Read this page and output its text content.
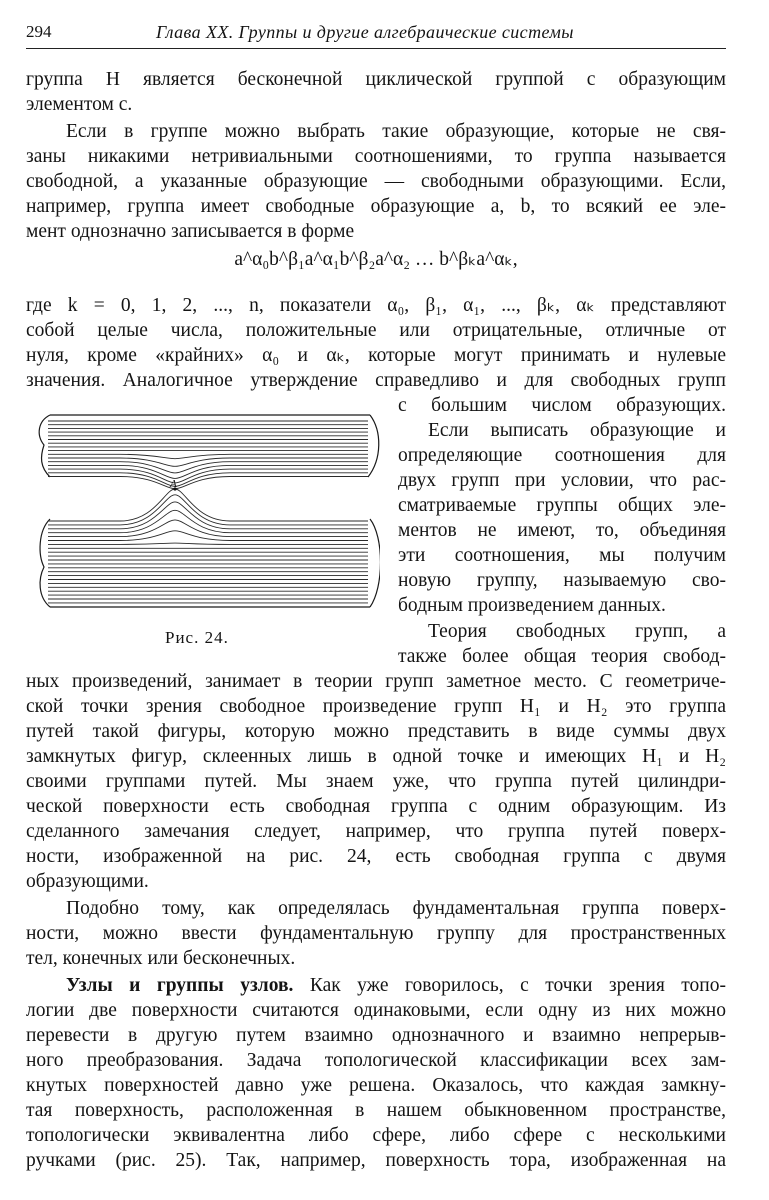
294	Глава XX. Группы и другие алгебраические системы
группа H является бесконечной циклической группой с образующим
элементом c.
Если в группе можно выбрать такие образующие, которые не свя-
заны никакими нетривиальными соотношениями, то группа называется
свободной, а указанные образующие — свободными образующими. Если,
например, группа имеет свободные образующие a, b, то всякий ее эле-
мент однозначно записывается в форме
a^α₀b^β₁a^α₁b^β₂a^α₂ … b^βₖa^αₖ,
где k = 0, 1, 2, ..., n, показатели α₀, β₁, α₁, ..., βₖ, αₖ представляют
собой целые числа, положительные или отрицательные, отличные от
нуля, кроме «крайних» α₀ и αₖ, которые могут принимать и нулевые
значения. Аналогичное утверждение справедливо и для свободных групп
с большим числом образующих.
Если выписать образующие и
определяющие соотношения для
двух групп при условии, что рас-
сматриваемые группы общих эле-
ментов не имеют, то, объединяя
эти соотношения, мы получим
новую группу, называемую сво-
бодным произведением данных.
Теория свободных групп, а
также более общая теория свобод-
ных произведений, занимает в теории групп заметное место. С геометриче-
ской точки зрения свободное произведение групп H₁ и H₂ это группа
путей такой фигуры, которую можно представить в виде суммы двух
замкнутых фигур, склеенных лишь в одной точке и имеющих H₁ и H₂
своими группами путей. Мы знаем уже, что группа путей цилиндри-
ческой поверхности есть свободная группа с одним образующим. Из
сделанного замечания следует, например, что группа путей поверх-
ности, изображенной на рис. 24, есть свободная группа с двумя
образующими.
Подобно тому, как определялась фундаментальная группа поверх-
ности, можно ввести фундаментальную группу для пространственных
тел, конечных или бесконечных.
Узлы и группы узлов. Как уже говорилось, с точки зрения топо-
логии две поверхности считаются одинаковыми, если одну из них можно
перевести в другую путем взаимно однозначного и взаимно непрерыв-
ного преобразования. Задача топологической классификации всех зам-
кнутых поверхностей давно уже решена. Оказалось, что каждая замкну-
тая поверхность, расположенная в нашем обыкновенном пространстве,
топологически эквивалентна либо сфере, либо сфере с несколькими
ручками (рис. 25). Так, например, поверхность тора, изображенная на
A
Рис. 24.
